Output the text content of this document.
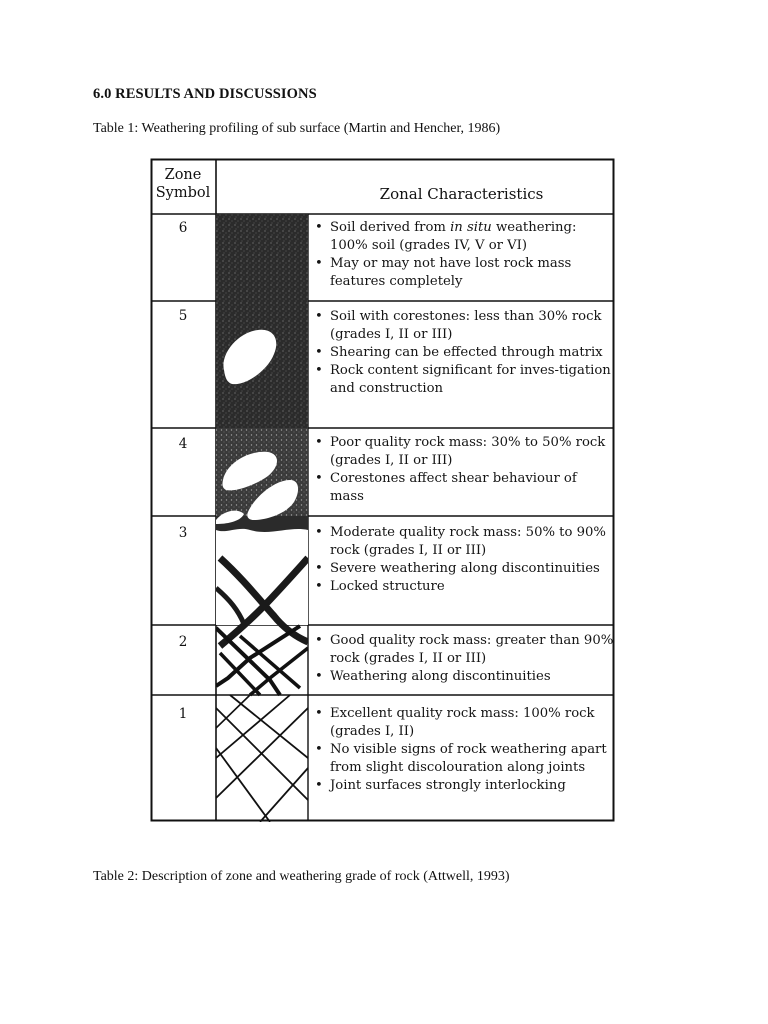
6.0 RESULTS AND DISCUSSIONS
Table 1: Weathering profiling of sub surface (Martin and Hencher, 1986)
Zone
Symbol	Zonal Characteristics
6	• Soil derived from in situ weathering: 100% soil (grades IV, V or VI)
• May or may not have lost rock mass features completely
5	• Soil with corestones: less than 30% rock (grades I, II or III)
• Shearing can be effected through matrix
• Rock content significant for inves-tigation and construction
4	• Poor quality rock mass: 30% to 50% rock (grades I, II or III)
• Corestones affect shear behaviour of mass
3	• Moderate quality rock mass: 50% to 90% rock (grades I, II or III)
• Severe weathering along discontinuities
• Locked structure
2	• Good quality rock mass: greater than 90% rock (grades I, II or III)
• Weathering along discontinuities
1	• Excellent quality rock mass: 100% rock (grades I, II)
• No visible signs of rock weathering apart from slight discolouration along joints
• Joint surfaces strongly interlocking
Table 2: Description of zone and weathering grade of rock (Attwell, 1993)
